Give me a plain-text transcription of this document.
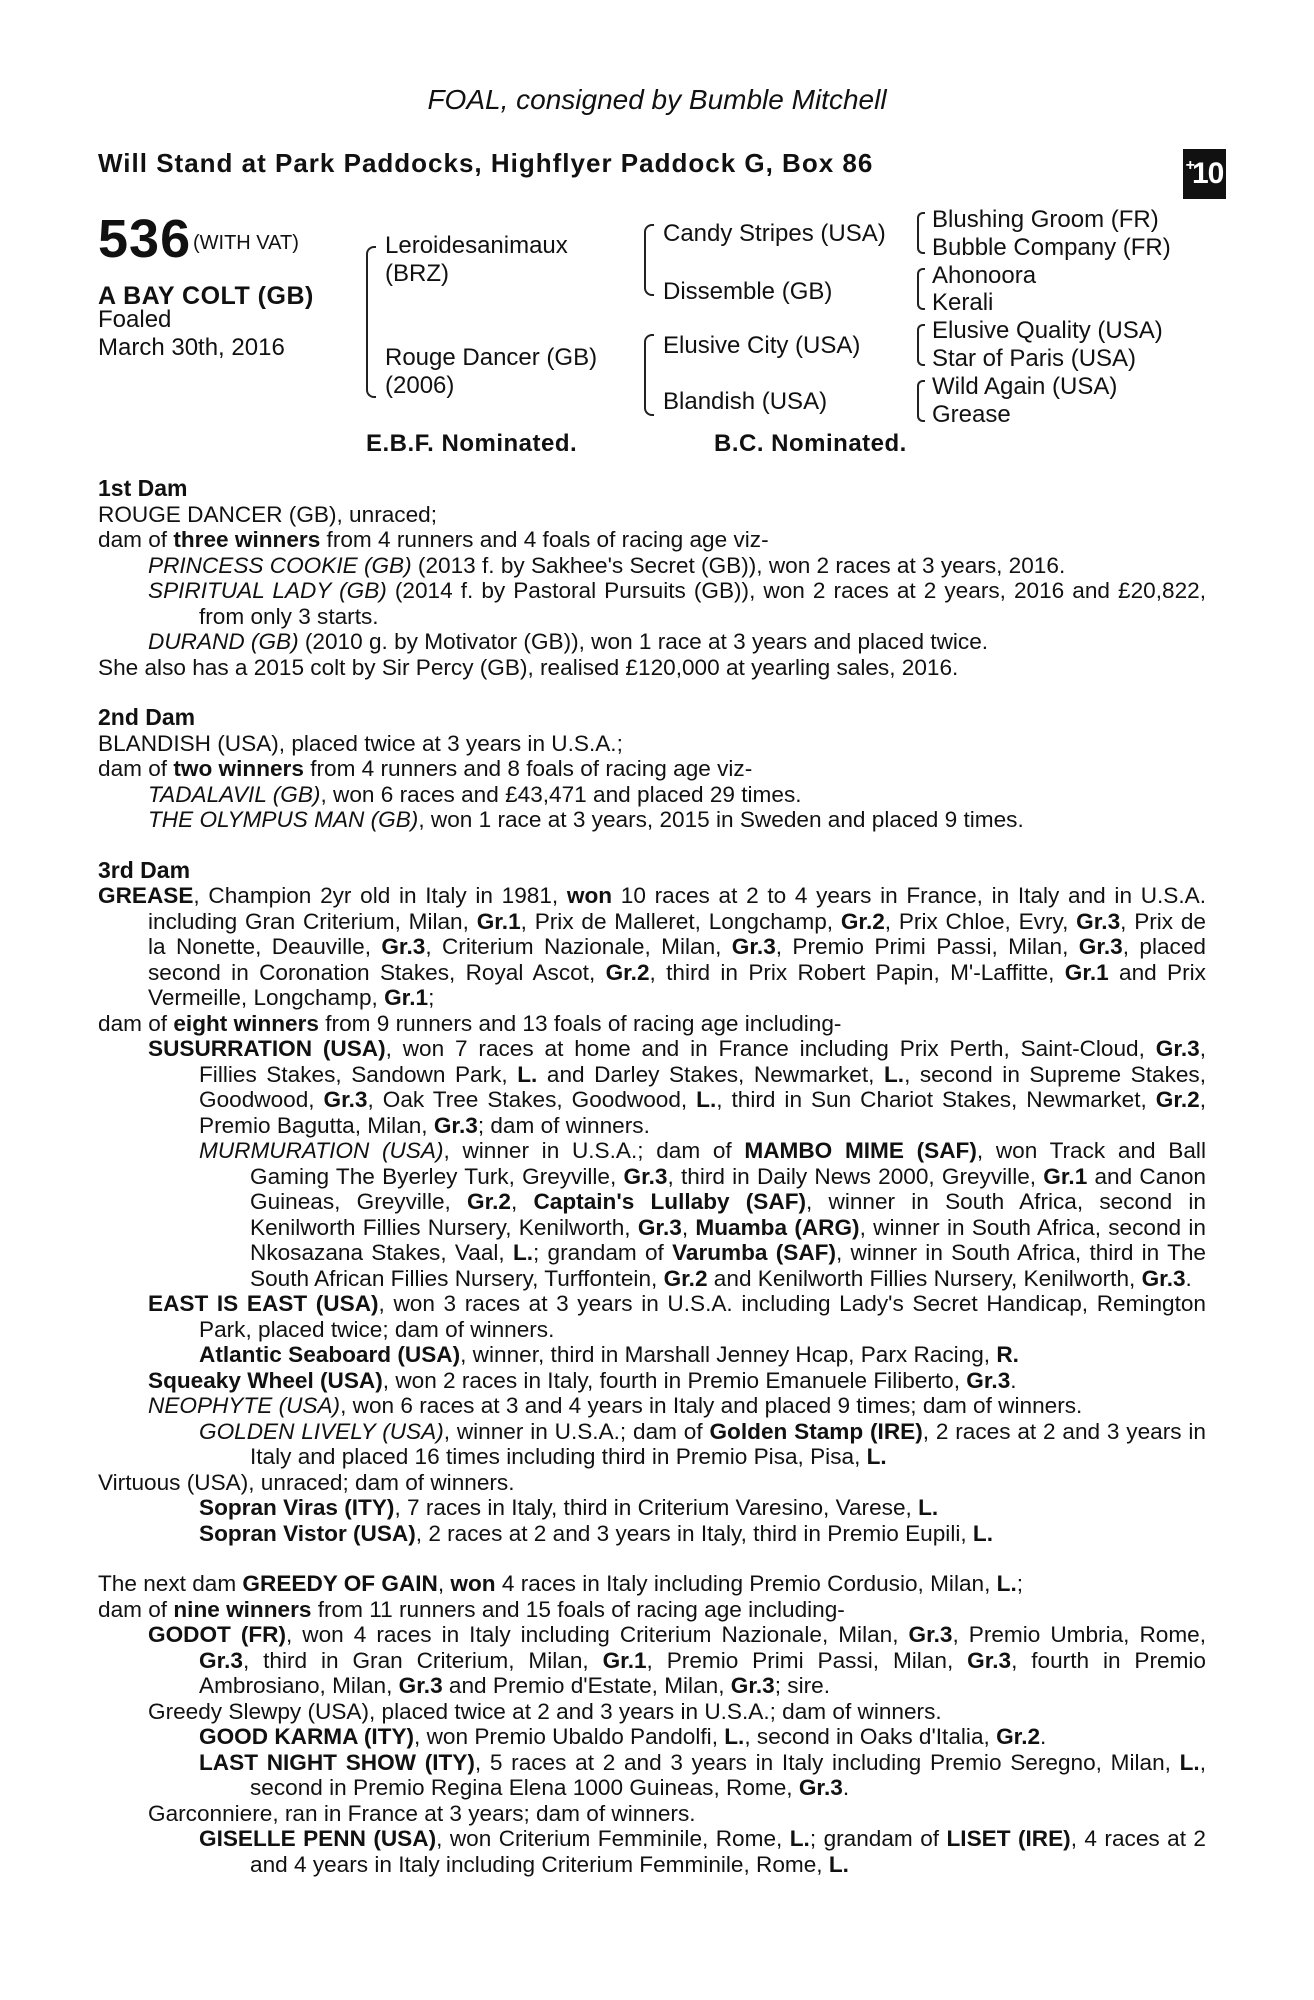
FOAL, consigned by Bumble Mitchell
Will Stand at Park Paddocks, Highflyer Paddock G, Box 86	+
10
536 (WITH VAT)
A BAY COLT (GB)
Foaled
March 30th, 2016
Leroidesanimaux
(BRZ)
Rouge Dancer (GB)
(2006)
Candy Stripes (USA)
Dissemble (GB)
Elusive City (USA)
Blandish (USA)
Blushing Groom (FR)
Bubble Company (FR)
Ahonoora
Kerali
Elusive Quality (USA)
Star of Paris (USA)
Wild Again (USA)
Grease
E.B.F. Nominated.	B.C. Nominated.

1st Dam

ROUGE DANCER (GB), unraced;

dam of three winners from 4 runners and 4 foals of racing age viz-

PRINCESS COOKIE (GB) (2013 f. by Sakhee's Secret (GB)), won 2 races at 3 years, 2016.

SPIRITUAL LADY (GB) (2014 f. by Pastoral Pursuits (GB)), won 2 races at 2 years, 2016 and £20,822, from only 3 starts.

DURAND (GB) (2010 g. by Motivator (GB)), won 1 race at 3 years and placed twice.

She also has a 2015 colt by Sir Percy (GB), realised £120,000 at yearling sales, 2016.

2nd Dam

BLANDISH (USA), placed twice at 3 years in U.S.A.;

dam of two winners from 4 runners and 8 foals of racing age viz-

TADALAVIL (GB), won 6 races and £43,471 and placed 29 times.

THE OLYMPUS MAN (GB), won 1 race at 3 years, 2015 in Sweden and placed 9 times.

3rd Dam

GREASE, Champion 2yr old in Italy in 1981, won 10 races at 2 to 4 years in France, in Italy and in U.S.A. including Gran Criterium, Milan, Gr.1, Prix de Malleret, Longchamp, Gr.2, Prix Chloe, Evry, Gr.3, Prix de la Nonette, Deauville, Gr.3, Criterium Nazionale, Milan, Gr.3, Premio Primi Passi, Milan, Gr.3, placed second in Coronation Stakes, Royal Ascot, Gr.2, third in Prix Robert Papin, M'-Laffitte, Gr.1 and Prix Vermeille, Longchamp, Gr.1;

dam of eight winners from 9 runners and 13 foals of racing age including-

SUSURRATION (USA), won 7 races at home and in France including Prix Perth, Saint-Cloud, Gr.3, Fillies Stakes, Sandown Park, L. and Darley Stakes, Newmarket, L., second in Supreme Stakes, Goodwood, Gr.3, Oak Tree Stakes, Goodwood, L., third in Sun Chariot Stakes, Newmarket, Gr.2, Premio Bagutta, Milan, Gr.3; dam of winners.

MURMURATION (USA), winner in U.S.A.; dam of MAMBO MIME (SAF), won Track and Ball Gaming The Byerley Turk, Greyville, Gr.3, third in Daily News 2000, Greyville, Gr.1 and Canon Guineas, Greyville, Gr.2, Captain's Lullaby (SAF), winner in South Africa, second in Kenilworth Fillies Nursery, Kenilworth, Gr.3, Muamba (ARG), winner in South Africa, second in Nkosazana Stakes, Vaal, L.; grandam of Varumba (SAF), winner in South Africa, third in The South African Fillies Nursery, Turffontein, Gr.2 and Kenilworth Fillies Nursery, Kenilworth, Gr.3.

EAST IS EAST (USA), won 3 races at 3 years in U.S.A. including Lady's Secret Handicap, Remington Park, placed twice; dam of winners.

Atlantic Seaboard (USA), winner, third in Marshall Jenney Hcap, Parx Racing, R.

Squeaky Wheel (USA), won 2 races in Italy, fourth in Premio Emanuele Filiberto, Gr.3.

NEOPHYTE (USA), won 6 races at 3 and 4 years in Italy and placed 9 times; dam of winners.

GOLDEN LIVELY (USA), winner in U.S.A.; dam of Golden Stamp (IRE), 2 races at 2 and 3 years in Italy and placed 16 times including third in Premio Pisa, Pisa, L.

Virtuous (USA), unraced; dam of winners.

Sopran Viras (ITY), 7 races in Italy, third in Criterium Varesino, Varese, L.

Sopran Vistor (USA), 2 races at 2 and 3 years in Italy, third in Premio Eupili, L.

The next dam GREEDY OF GAIN, won 4 races in Italy including Premio Cordusio, Milan, L.;

dam of nine winners from 11 runners and 15 foals of racing age including-

GODOT (FR), won 4 races in Italy including Criterium Nazionale, Milan, Gr.3, Premio Umbria, Rome, Gr.3, third in Gran Criterium, Milan, Gr.1, Premio Primi Passi, Milan, Gr.3, fourth in Premio Ambrosiano, Milan, Gr.3 and Premio d'Estate, Milan, Gr.3; sire.

Greedy Slewpy (USA), placed twice at 2 and 3 years in U.S.A.; dam of winners.

GOOD KARMA (ITY), won Premio Ubaldo Pandolfi, L., second in Oaks d'Italia, Gr.2.

LAST NIGHT SHOW (ITY), 5 races at 2 and 3 years in Italy including Premio Seregno, Milan, L., second in Premio Regina Elena 1000 Guineas, Rome, Gr.3.

Garconniere, ran in France at 3 years; dam of winners.

GISELLE PENN (USA), won Criterium Femminile, Rome, L.; grandam of LISET (IRE), 4 races at 2 and 4 years in Italy including Criterium Femminile, Rome, L.
